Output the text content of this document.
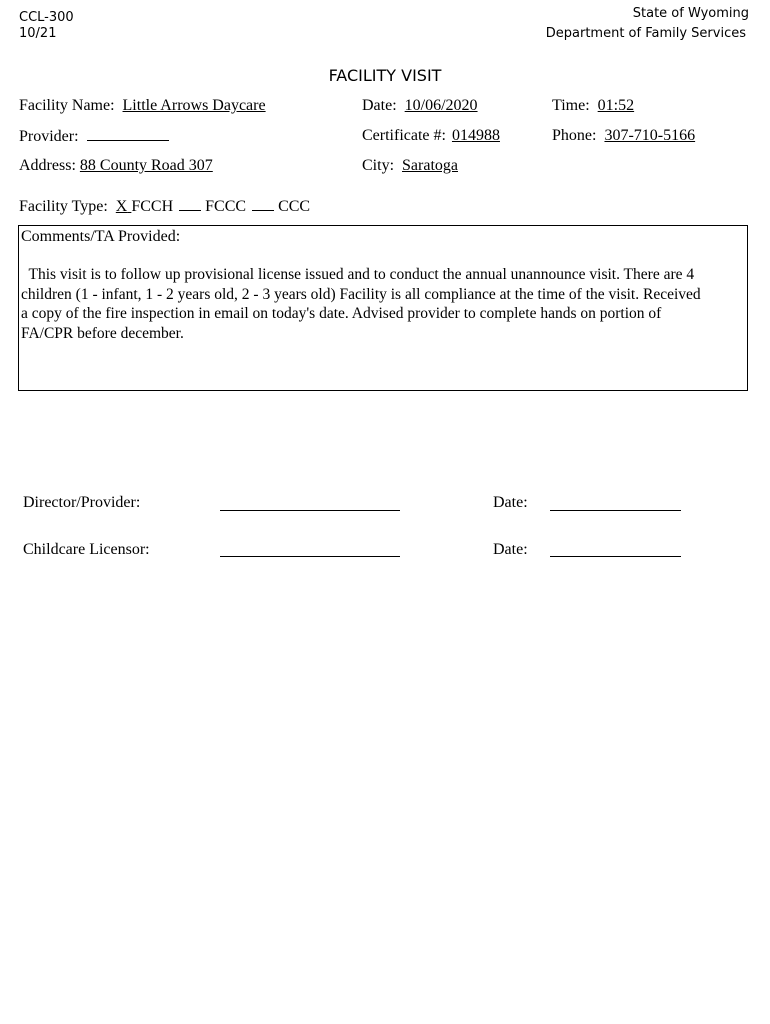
CCL-300
10/21
State of Wyoming
Department of Family Services
FACILITY VISIT
Facility Name: Little Arrows Daycare	Date: 10/06/2020	Time: 01:52
Provider:	Certificate #: 014988	Phone: 307-710-5166
Address: 88 County Road 307	City: Saratoga
Facility Type: X FCCH FCCC CCC
Comments/TA Provided:
This visit is to follow up provisional license issued and to conduct the annual unannounce visit. There are 4
children (1 - infant, 1 - 2 years old, 2 - 3 years old) Facility is all compliance at the time of the visit. Received
a copy of the fire inspection in email on today's date. Advised provider to complete hands on portion of
FA/CPR before december.
Director/Provider:	Date:
Childcare Licensor:	Date:
